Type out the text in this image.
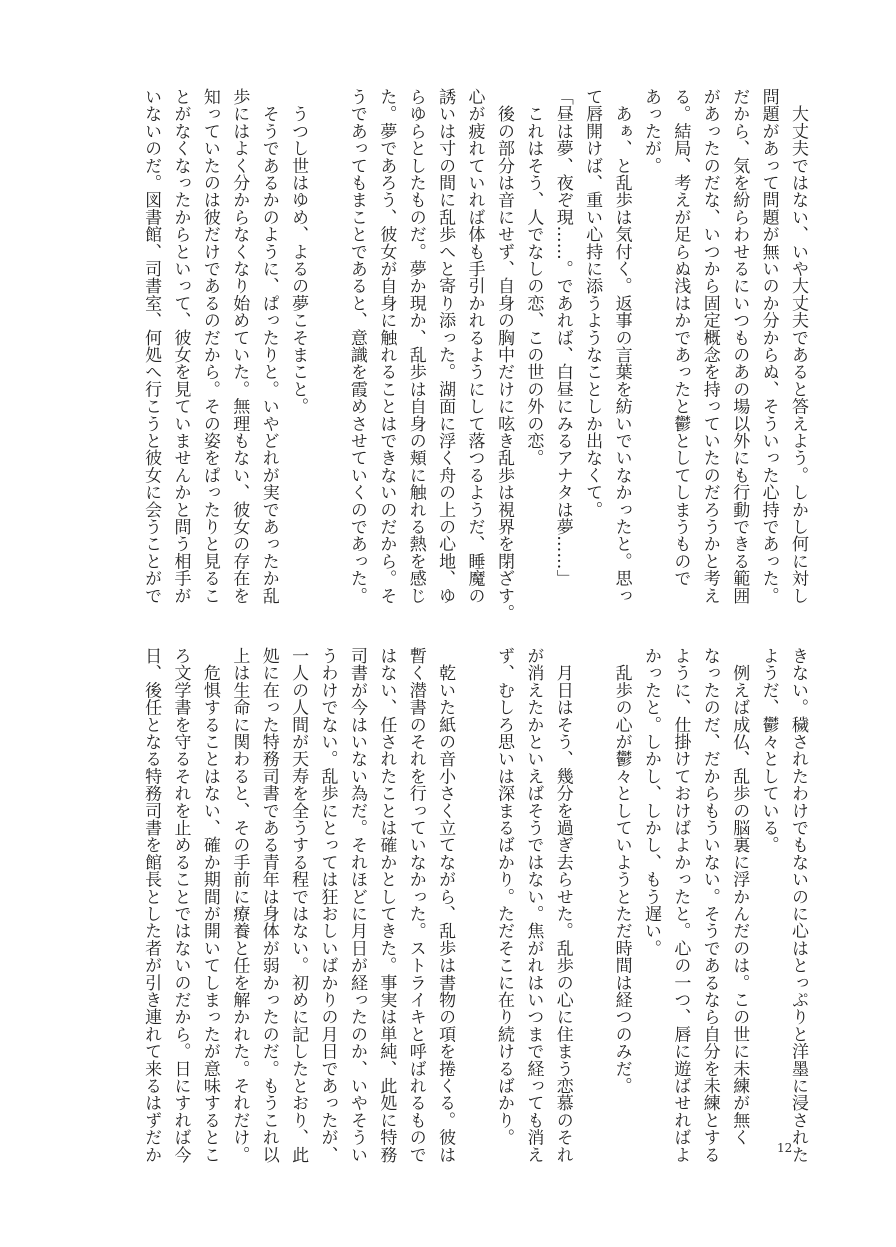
　大丈夫ではない、いや大丈夫であると答えよう。しかし何に対し
問題があって問題が無いのか分からぬ、そういった心持であった。
だから、気を紛らわせるにいつものあの場以外にも行動できる範囲
があったのだな、いつから固定概念を持っていたのだろうかと考え
る。結局、考えが足らぬ浅はかであったと鬱としてしまうもので
あったが。
　あぁ、と乱歩は気付く。返事の言葉を紡いでいなかったと。思っ
て唇開けば、重い心持に添うようなことしか出なくて。
「昼は夢、夜ぞ現……。であれば、白昼にみるアナタは夢……」
　これはそう、人でなしの恋、この世の外の恋。
　後の部分は音にせず、自身の胸中だけに呟き乱歩は視界を閉ざす。
心が疲れていれば体も手引かれるようにして落つるようだ、睡魔の
誘いは寸の間に乱歩へと寄り添った。湖面に浮く舟の上の心地、ゆ
らゆらとしたものだ。夢か現か、乱歩は自身の頬に触れる熱を感じ
た。夢であろう、彼女が自身に触れることはできないのだから。そ
うであってもまことであると、意識を霞めさせていくのであった。
　うつし世はゆめ、よるの夢こそまこと。
　そうであるかのように、ぱったりと。いやどれが実であったか乱
歩にはよく分からなくなり始めていた。無理もない、彼女の存在を
知っていたのは彼だけであるのだから。その姿をぱったりと見るこ
とがなくなったからといって、彼女を見ていませんかと問う相手が
いないのだ。図書館、司書室、何処へ行こうと彼女に会うことがで
きない。穢されたわけでもないのに心はとっぷりと洋墨に浸された
ようだ、鬱々としている。
　例えば成仏、乱歩の脳裏に浮かんだのは。この世に未練が無く
なったのだ、だからもういない。そうであるなら自分を未練とする
ように、仕掛けておけばよかったと。心の一つ、唇に遊ばせればよ
かったと。しかし、しかし、もう遅い。
　乱歩の心が鬱々としていようとただ時間は経つのみだ。
　月日はそう、幾分を過ぎ去らせた。乱歩の心に住まう恋慕のそれ
が消えたかといえばそうではない。焦がれはいつまで経っても消え
ず、むしろ思いは深まるばかり。ただそこに在り続けるばかり。
　乾いた紙の音小さく立てながら、乱歩は書物の項を捲くる。彼は
暫く潜書のそれを行っていなかった。ストライキと呼ばれるもので
はない、任されたことは確かとしてきた。事実は単純、此処に特務
司書が今はいない為だ。それほどに月日が経ったのか、いやそうい
うわけでない。乱歩にとっては狂おしいばかりの月日であったが、
一人の人間が天寿を全うする程ではない。初めに記したとおり、此
処に在った特務司書である青年は身体が弱かったのだ。もうこれ以
上は生命に関わると、その手前に療養と任を解かれた。それだけ。
　危惧することはない、確か期間が開いてしまったが意味するとこ
ろ文学書を守るそれを止めることではないのだから。日にすれば今
日、後任となる特務司書を館長とした者が引き連れて来るはずだか	12
